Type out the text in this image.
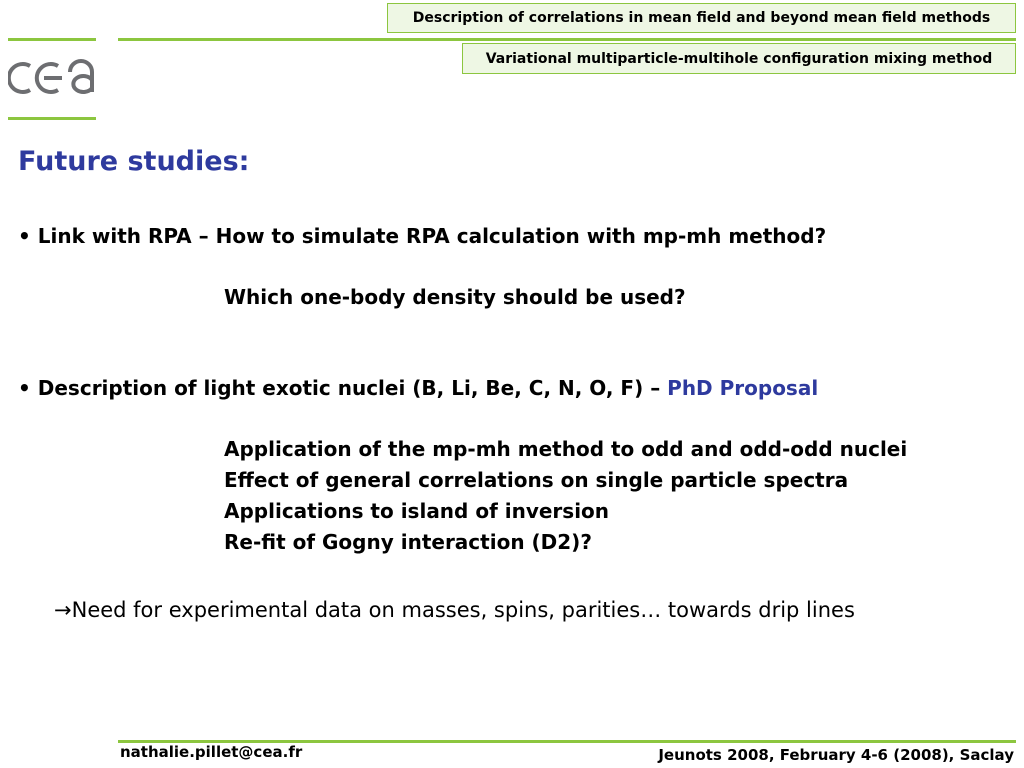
Description of correlations in mean field and beyond mean field methods
Variational multiparticle-multihole configuration mixing method
Future studies:
• Link with RPA – How to simulate RPA calculation with mp-mh method?
Which one-body density should be used?
• Description of light exotic nuclei (B, Li, Be, C, N, O, F) – PhD Proposal
Application of the mp-mh method to odd and odd-odd nuclei
Effect of general correlations on single particle spectra
Applications to island of inversion
Re-fit of Gogny interaction (D2)?
→Need for experimental data on masses, spins, parities… towards drip lines
nathalie.pillet@cea.fr	Jeunots 2008, February 4-6 (2008), Saclay
